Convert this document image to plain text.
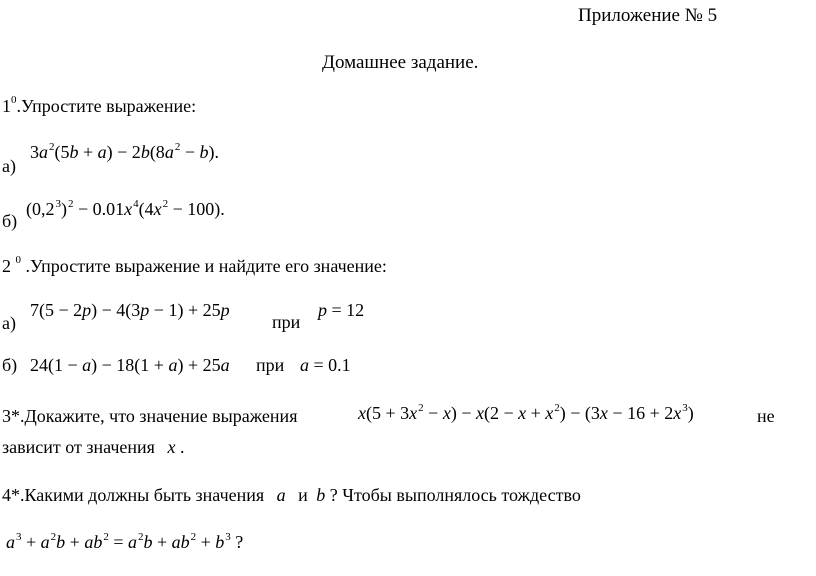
Приложение № 5
Домашнее задание.
$1^0.Упростите$ выражение:
а)
$3a^2(5b + a) - 2b(8a^2 - b)$.
б)
$(0,2^3)^2 - 0.01x^4(4x^2 - 100)$.
2 $^0$ .Упростите выражение и найдите его значение:
а)
7(5 − 2p) − 4(3p − 1) + 25p
при
p = 12
б) 24(1 − a) − 18(1 + a) + 25a при a = 0.1
3*.Докажите, что значение выражения	$x(5 + 3x^2 - x) - x(2 - x + x^2) - (3x - 16 + 2x^3)$	не
зависит от значения x .
4*.Какими должны быть значения a и b ? Чтобы выполнялось тождество
$a^3 + a^2b + ab^2 = a^2b + ab^2 + b^3$ ?
